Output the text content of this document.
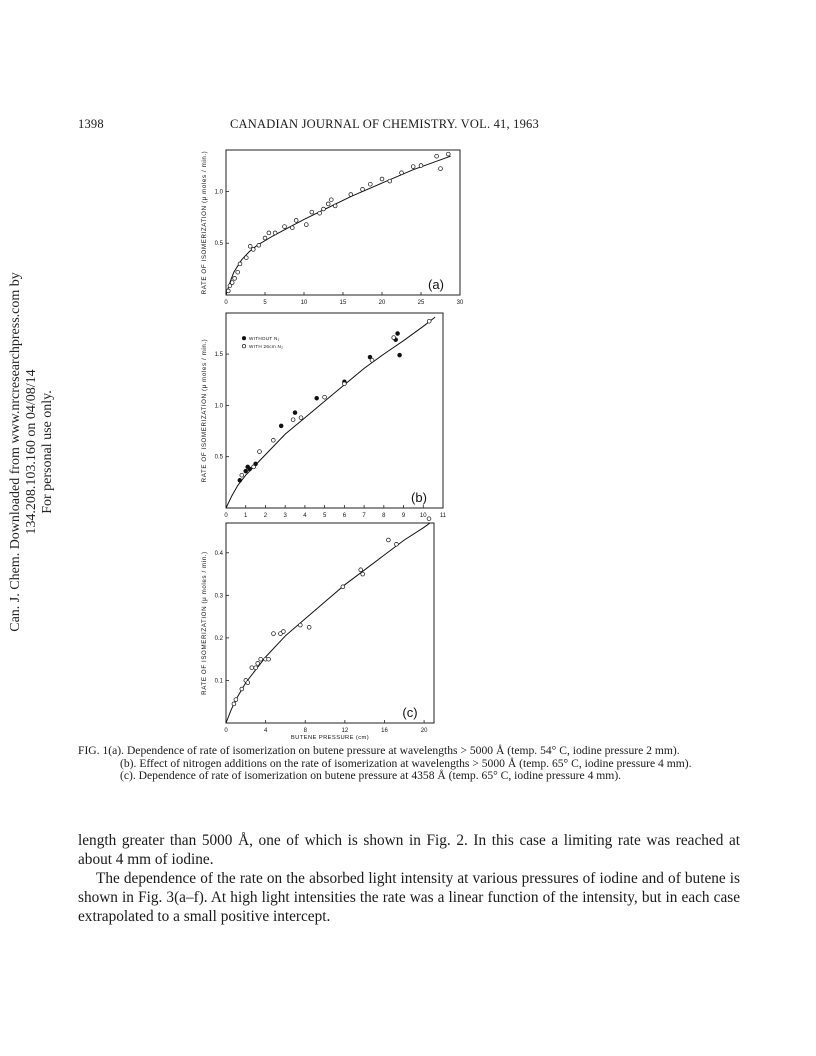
Can. J. Chem. Downloaded from www.nrcresearchpress.com by 134.208.103.160 on 04/08/14 For personal use only.
1398	CANADIAN JOURNAL OF CHEMISTRY. VOL. 41, 1963
0	5	10	15	20	25	30
0.5
1.0
RATE OF ISOMERIZATION (μ moles / min.)	(a)
0	1	2	3	4	5	6	7	8	9 10 11
0.5
1.0
1.5
RATE OF ISOMERIZATION (μ moles / min.)
(b)
WITHOUT N₂
WITH 26cm N₂
0	4	8	12	16	20
0.1
0.2
0.3
0.4
RATE OF ISOMERIZATION (μ moles / min.)
BUTENE PRESSURE (cm)
(c)

FIG. 1(a). Dependence of rate of isomerization on butene pressure at wavelengths > 5000 Å (temp. 54° C, iodine pressure 2 mm).

(b). Effect of nitrogen additions on the rate of isomerization at wavelengths > 5000 Å (temp. 65° C, iodine pressure 4 mm).

(c). Dependence of rate of isomerization on butene pressure at 4358 Å (temp. 65° C, iodine pressure 4 mm).

length greater than 5000 Å, one of which is shown in Fig. 2. In this case a limiting rate was reached at about 4 mm of iodine.

The dependence of the rate on the absorbed light intensity at various pressures of iodine and of butene is shown in Fig. 3(a–f). At high light intensities the rate was a linear function of the intensity, but in each case extrapolated to a small positive intercept.
